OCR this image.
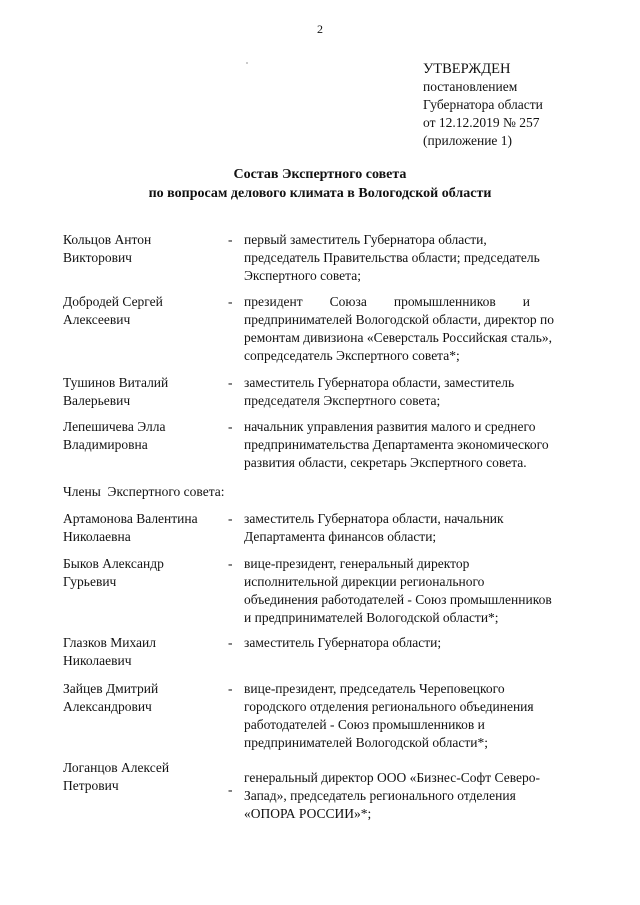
2
УТВЕРЖДЕН
постановлением
Губернатора области
от 12.12.2019 № 257
(приложение 1)
Состав Экспертного совета
по вопросам делового климата в Вологодской области
Кольцов Антон
Викторович
- первый заместитель Губернатора области,
председатель Правительства области; председатель
Экспертного совета;
Добродей Сергей
Алексеевич
- президент        Союза        промышленников        и
предпринимателей Вологодской области, директор по
ремонтам дивизиона «Северсталь Российская сталь»,
сопредседатель Экспертного совета*;
Тушинов Виталий
Валерьевич
- заместитель Губернатора области, заместитель
председателя Экспертного совета;
Лепешичева Элла
Владимировна
- начальник управления развития малого и среднего
предпринимательства Департамента экономического
развития области, секретарь Экспертного совета.
Члены  Экспертного совета:
Артамонова Валентина
Николаевна
- заместитель Губернатора области, начальник
Департамента финансов области;
Быков Александр
Гурьевич
- вице-президент, генеральный директор
исполнительной дирекции регионального
объединения работодателей - Союз промышленников
и предпринимателей Вологодской области*;
Глазков Михаил
Николаевич
- заместитель Губернатора области;
Зайцев Дмитрий
Александрович
- вице-президент, председатель Череповецкого
городского отделения регионального объединения
работодателей - Союз промышленников и
предпринимателей Вологодской области*;
Логанцов Алексей
Петрович	-
генеральный директор ООО «Бизнес-Софт Северо-
Запад», председатель регионального отделения
«ОПОРА РОССИИ»*;
